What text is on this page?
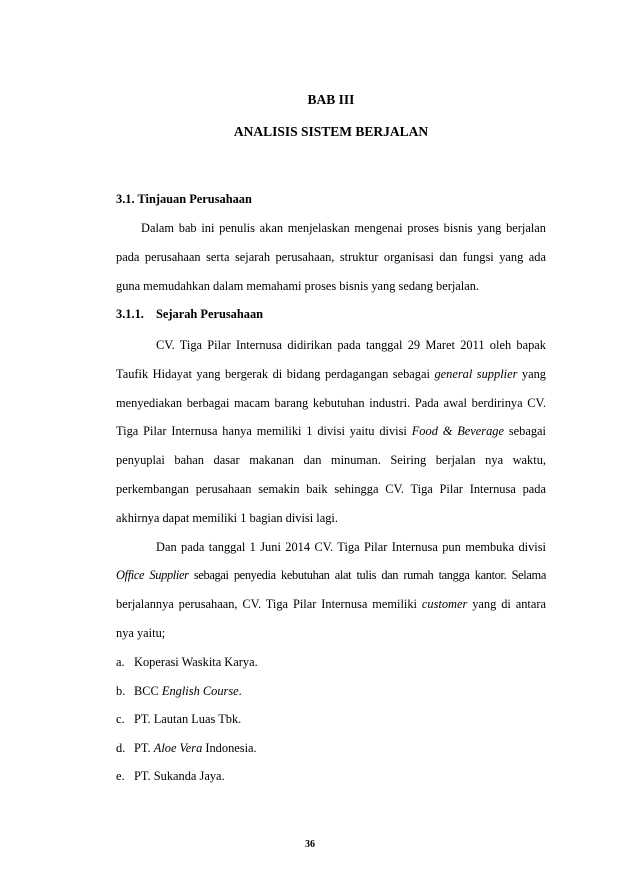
BAB III
ANALISIS SISTEM BERJALAN
3.1. Tinjauan Perusahaan
Dalam bab ini penulis akan menjelaskan mengenai proses bisnis yang berjalan
pada perusahaan serta sejarah perusahaan, struktur organisasi dan fungsi yang ada
guna memudahkan dalam memahami proses bisnis yang sedang berjalan.
3.1.1. Sejarah Perusahaan
CV. Tiga Pilar Internusa didirikan pada tanggal 29 Maret 2011 oleh bapak
Taufik Hidayat yang bergerak di bidang perdagangan sebagai general supplier yang
menyediakan berbagai macam barang kebutuhan industri. Pada awal berdirinya CV.
Tiga Pilar Internusa hanya memiliki 1 divisi yaitu divisi Food & Beverage sebagai
penyuplai bahan dasar makanan dan minuman. Seiring berjalan nya waktu,
perkembangan perusahaan semakin baik sehingga CV. Tiga Pilar Internusa pada
akhirnya dapat memiliki 1 bagian divisi lagi.
Dan pada tanggal 1 Juni 2014 CV. Tiga Pilar Internusa pun membuka divisi
Office Supplier sebagai penyedia kebutuhan alat tulis dan rumah tangga kantor. Selama
berjalannya perusahaan, CV. Tiga Pilar Internusa memiliki customer yang di antara
nya yaitu;
a. Koperasi Waskita Karya.
b. BCC English Course.
c. PT. Lautan Luas Tbk.
d. PT. Aloe Vera Indonesia.
e. PT. Sukanda Jaya.
36
